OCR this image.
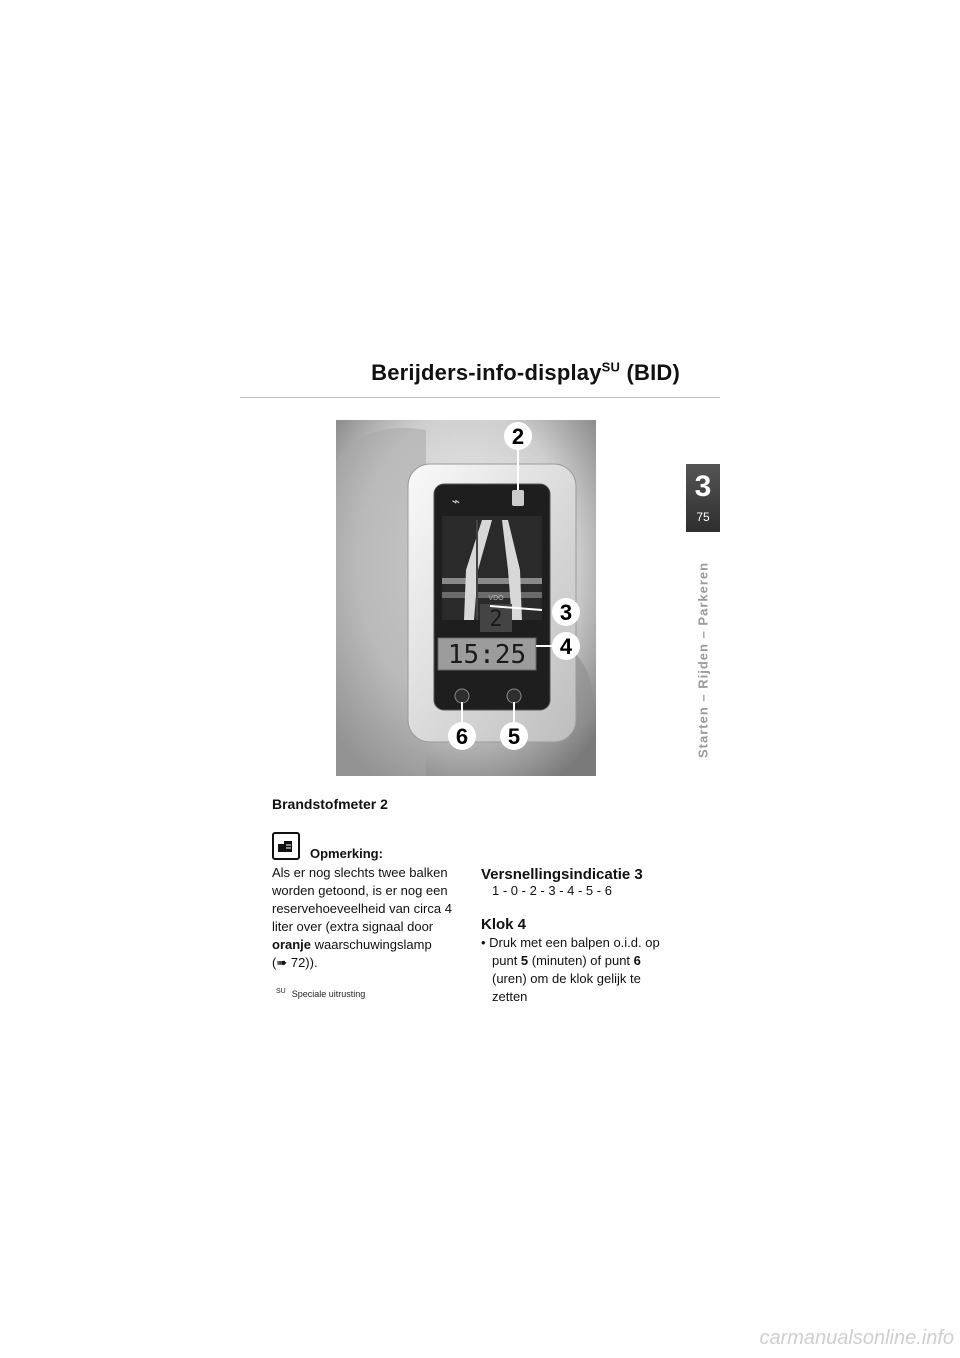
Berijders-info-display$^{SU}$ (BID)
3
75
Starten – Rijden – Parkeren
2
VDO
15:25
⌁
2
3
4
6 5
Brandstofmeter 2
Opmerking:
Als er nog slechts twee balken worden getoond, is er nog een reservehoeveelheid van circa 4 liter over (extra signaal door oranje waarschuwingslamp
(➠ 72)).
$^{SU}$ Speciale uitrusting
Versnellingsindicatie 3
1 - 0 - 2 - 3 - 4 - 5 - 6
Klok 4
• Druk met een balpen o.i.d. op
punt 5 (minuten) of punt 6
(uren) om de klok gelijk te
zetten
carmanualsonline.info
